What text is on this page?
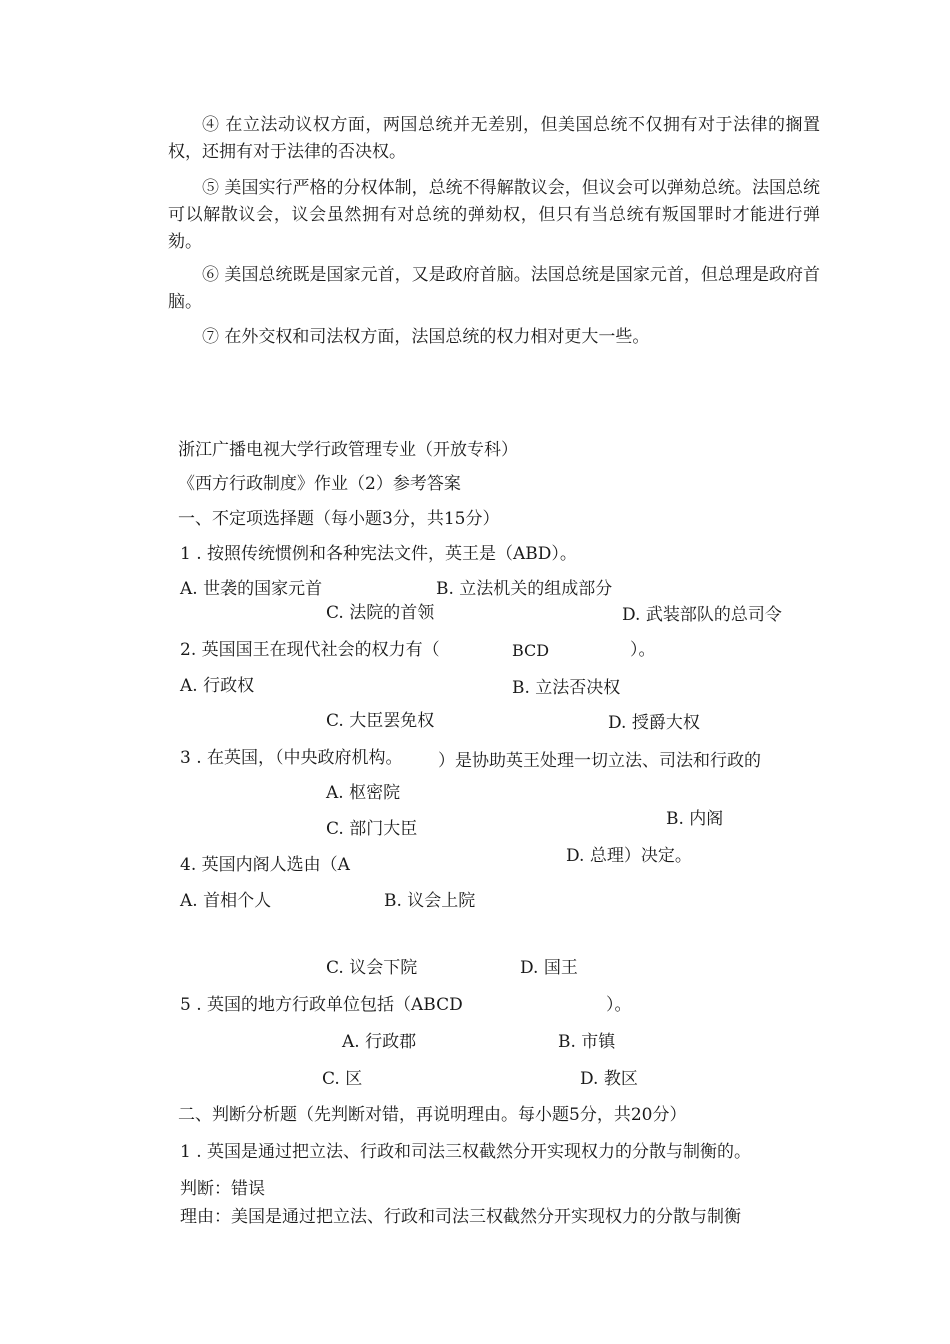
④ 在立法动议权方面，两国总统并无差别，但美国总统不仅拥有对于法律的搁置权，还拥有对于法律的否决权。
⑤ 美国实行严格的分权体制，总统不得解散议会，但议会可以弹劾总统。法国总统可以解散议会，议会虽然拥有对总统的弹劾权，但只有当总统有叛国罪时才能进行弹劾。
⑥ 美国总统既是国家元首，又是政府首脑。法国总统是国家元首，但总理是政府首脑。
⑦ 在外交权和司法权方面，法国总统的权力相对更大一些。
浙江广播电视大学行政管理专业（开放专科）
《西方行政制度》作业（2）参考答案
一、不定项选择题（每小题3分，共15分）
1 . 按照传统惯例和各种宪法文件，英王是（ABD）。
A. 世袭的国家元首	B. 立法机关的组成部分
C. 法院的首领	D. 武装部队的总司令
2. 英国国王在现代社会的权力有（	BCD	）。
A. 行政权	B. 立法否决权
C. 大臣罢免权	D. 授爵大权
3 . 在英国，（中央政府机构。 ）是协助英王处理一切立法、司法和行政的
A. 枢密院
B. 内阁
C. 部门大臣
D. 总理）决定。
4. 英国内阁人选由（A
A. 首相个人	B. 议会上院
C. 议会下院	D. 国王
5 . 英国的地方行政单位包括（ABCD	）。
A. 行政郡	B. 市镇
C. 区	D. 教区
二、判断分析题（先判断对错，再说明理由。每小题5分，共20分）
1 . 英国是通过把立法、行政和司法三权截然分开实现权力的分散与制衡的。
判断：错误
理由：美国是通过把立法、行政和司法三权截然分开实现权力的分散与制衡
